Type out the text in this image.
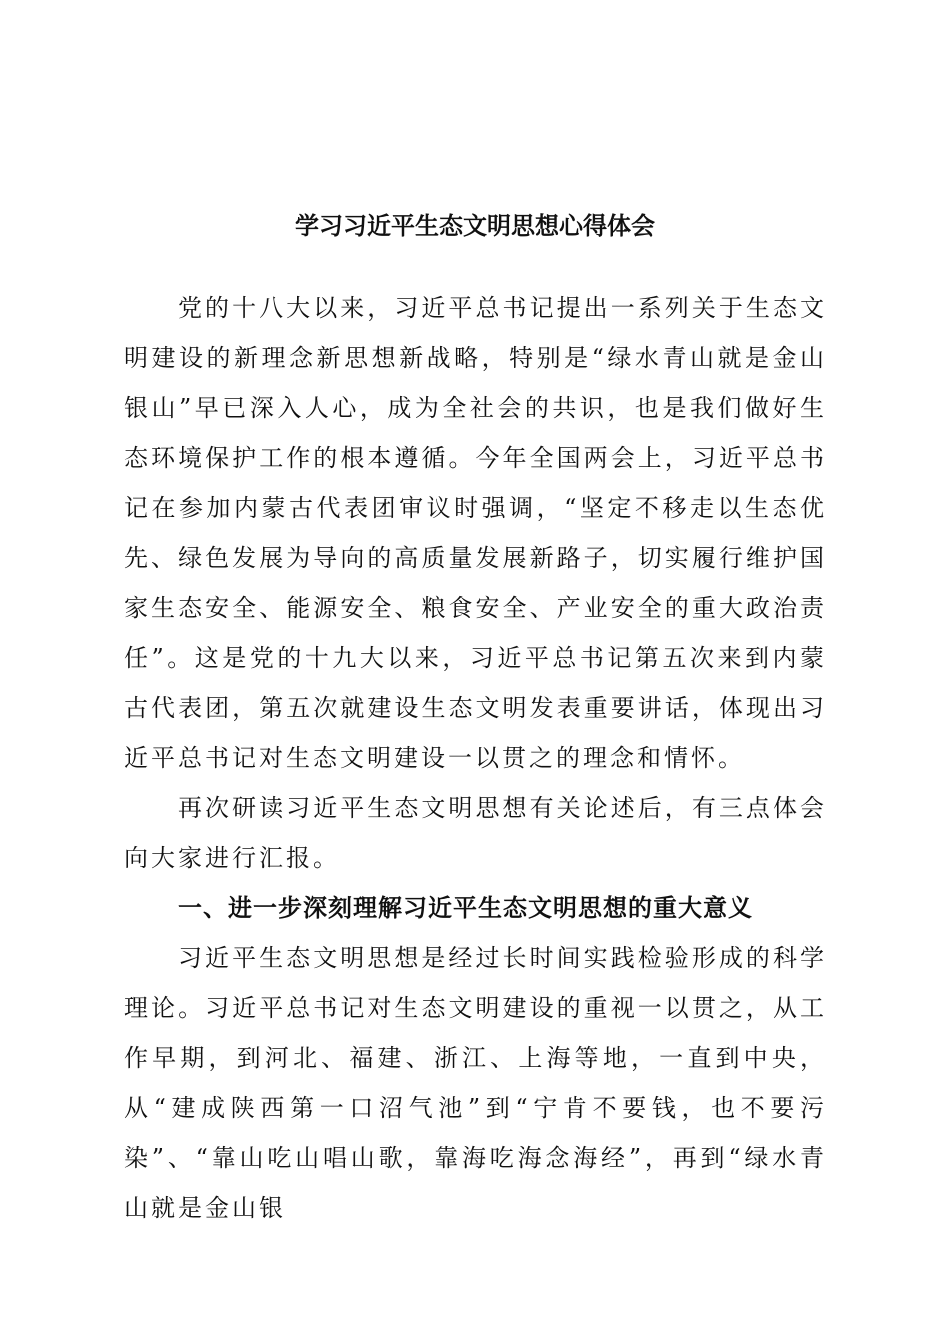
学习习近平生态文明思想心得体会

党的十八大以来，习近平总书记提出一系列关于生态文明建设的新理念新思想新战略，特别是“绿水青山就是金山银山”早已深入人心，成为全社会的共识，也是我们做好生态环境保护工作的根本遵循。今年全国两会上，习近平总书记在参加内蒙古代表团审议时强调，“坚定不移走以生态优先、绿色发展为导向的高质量发展新路子，切实履行维护国家生态安全、能源安全、粮食安全、产业安全的重大政治责任”。这是党的十九大以来，习近平总书记第五次来到内蒙古代表团，第五次就建设生态文明发表重要讲话，体现出习近平总书记对生态文明建设一以贯之的理念和情怀。

再次研读习近平生态文明思想有关论述后，有三点体会向大家进行汇报。

一、进一步深刻理解习近平生态文明思想的重大意义

习近平生态文明思想是经过长时间实践检验形成的科学理论。习近平总书记对生态文明建设的重视一以贯之，从工作早期，到河北、福建、浙江、上海等地，一直到中央，从“建成陕西第一口沼气池”到“宁肯不要钱，也不要污染”、“靠山吃山唱山歌，靠海吃海念海经”，再到“绿水青山就是金山银
